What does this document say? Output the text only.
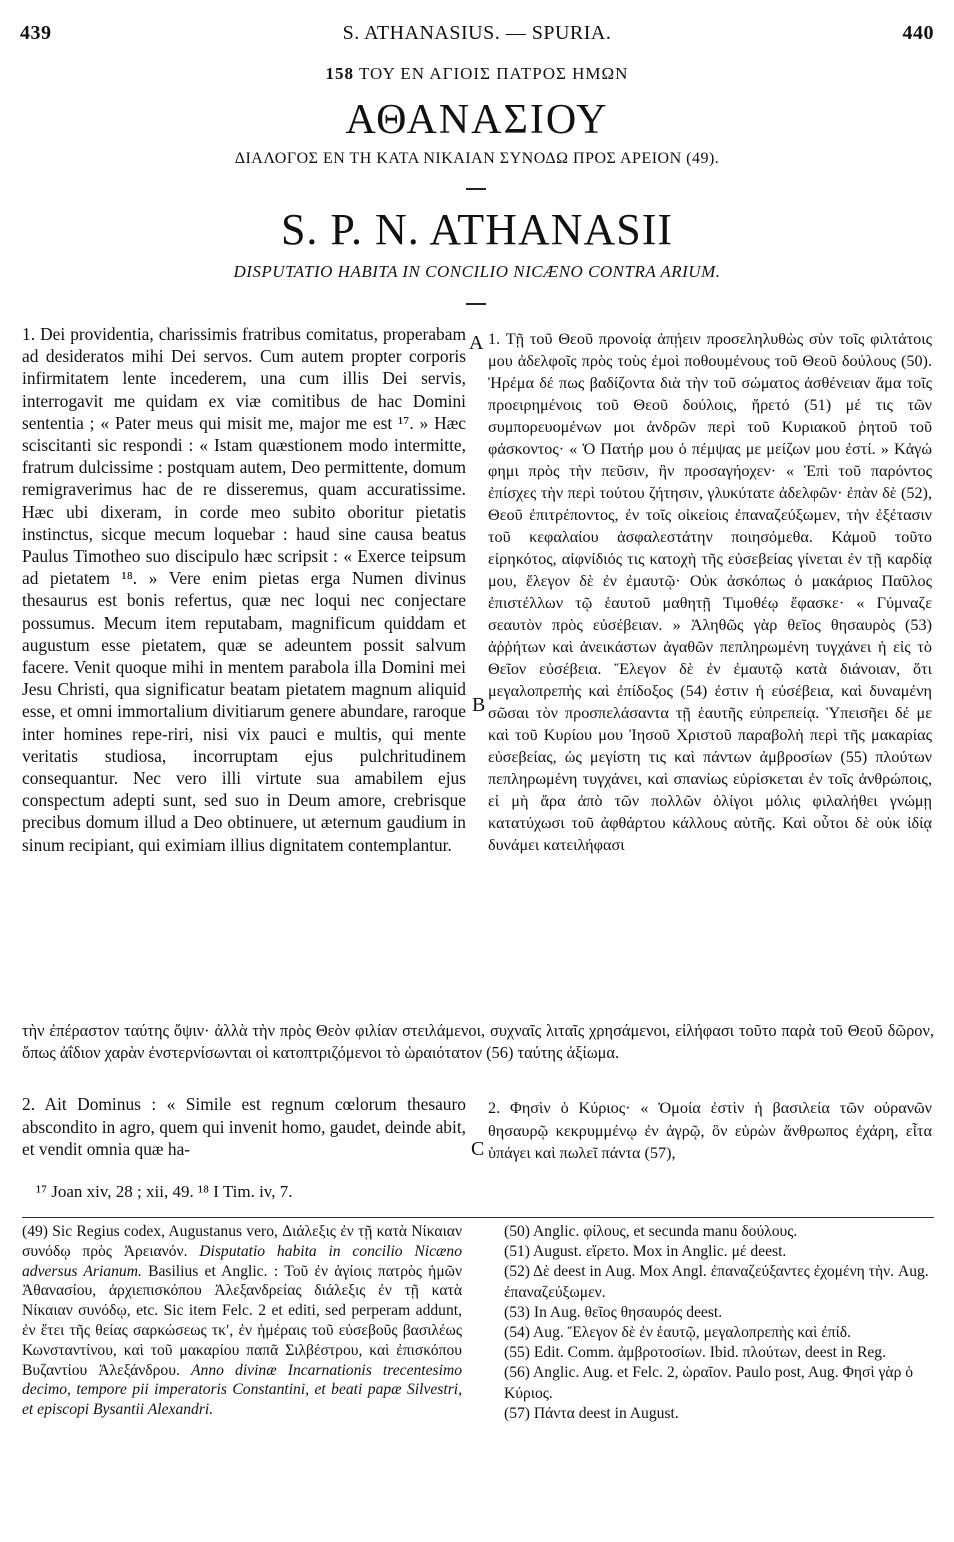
439	S. ATHANASIUS. — SPURIA.	440
158 ΤΟΥ ΕΝ ΑΓΙΟΙΣ ΠΑΤΡΟΣ ΗΜΩΝ
ΑΘΑΝΑΣΙΟΥ
ΔΙΑΛΟΓΟΣ ΕΝ ΤΗ ΚΑΤΑ ΝΙΚΑΙΑΝ ΣΥΝΟΔΩ ΠΡΟΣ ΑΡΕΙΟΝ (49).
S. P. N. ATHANASII
DISPUTATIO HABITA IN CONCILIO NICÆNO CONTRA ARIUM.

1. Dei providentia, charissimis fratribus comitatus, properabam ad desideratos mihi Dei servos. Cum autem propter corporis infirmitatem lente incederem, una cum illis Dei servis, interrogavit me quidam ex viæ comitibus de hac Domini sententia ; « Pater meus qui misit me, major me est ¹⁷. » Hæc sciscitanti sic respondi : « Istam quæstionem modo intermitte, fratrum dulcissime : postquam autem, Deo permittente, domum remigraverimus hac de re disseremus, quam accuratissime. Hæc ubi dixeram, in corde meo subito oboritur pietatis instinctus, sicque mecum loquebar : haud sine causa beatus Paulus Timotheo suo discipulo hæc scripsit : « Exerce teipsum ad pietatem ¹⁸. » Vere enim pietas erga Numen divinus thesaurus est bonis refertus, quæ nec loqui nec conjectare possumus. Mecum item reputabam, magnificum quiddam et augustum esse pietatem, quæ se adeuntem possit salvum facere. Venit quoque mihi in mentem parabola illa Domini mei Jesu Christi, qua significatur beatam pietatem magnum aliquid esse, et omni immortalium divitiarum genere abundare, raroque inter homines repe-riri, nisi vix pauci e multis, qui mente veritatis studiosa, incorruptam ejus pulchritudinem consequantur. Nec vero illi virtute sua amabilem ejus conspectum adepti sunt, sed suo in Deum amore, crebrisque precibus domum illud a Deo obtinuere, ut æternum gaudium in sinum recipiant, qui eximiam illius dignitatem contemplantur.

A
B
C

1. Τῇ τοῦ Θεοῦ προνοίᾳ ἀπῄειν προσεληλυθὼς σὺν τοῖς φιλτάτοις μου ἀδελφοῖς πρὸς τοὺς ἐμοὶ ποθουμένους τοῦ Θεοῦ δούλους (50). Ἠρέμα δέ πως βαδίζοντα διὰ τὴν τοῦ σώματος ἀσθένειαν ἅμα τοῖς προειρημένοις τοῦ Θεοῦ δούλοις, ἤρετό (51) μέ τις τῶν συμπορευομένων μοι ἀνδρῶν περὶ τοῦ Κυριακοῦ ῥητοῦ τοῦ φάσκοντος· « Ὁ Πατήρ μου ὁ πέμψας με μείζων μου ἐστί. » Κἀγώ φημι πρὸς τὴν πεῦσιν, ἣν προσαγήοχεν· « Ἐπὶ τοῦ παρόντος ἐπίσχες τὴν περὶ τούτου ζήτησιν, γλυκύτατε ἀδελφῶν· ἐπὰν δὲ (52), Θεοῦ ἐπιτρέποντος, ἐν τοῖς οἰκείοις ἐπαναζεύξωμεν, τὴν ἐξέτασιν τοῦ κεφαλαίου ἀσφαλεστάτην ποιησόμεθα. Κἀμοῦ τοῦτο εἰρηκότος, αἰφνίδιός τις κατοχὴ τῆς εὐσεβείας γίνεται ἐν τῇ καρδίᾳ μου, ἔλεγον δὲ ἐν ἐμαυτῷ· Οὐκ ἀσκόπως ὁ μακάριος Παῦλος ἐπιστέλλων τῷ ἑαυτοῦ μαθητῇ Τιμοθέῳ ἔφασκε· « Γύμναζε σεαυτὸν πρὸς εὐσέβειαν. » Ἀληθῶς γὰρ θεῖος θησαυρὸς (53) ἀῤῥήτων καὶ ἀνεικάστων ἀγαθῶν πεπληρωμένη τυγχάνει ἡ εἰς τὸ Θεῖον εὐσέβεια. Ἔλεγον δὲ ἐν ἐμαυτῷ κατὰ διάνοιαν, ὅτι μεγαλοπρεπὴς καὶ ἐπίδοξος (54) ἐστιν ἡ εὐσέβεια, καὶ δυναμένη σῶσαι τὸν προσπελάσαντα τῇ ἑαυτῆς εὐπρεπείᾳ. Ὑπεισῆει δέ με καὶ τοῦ Κυρίου μου Ἰησοῦ Χριστοῦ παραβολὴ περὶ τῆς μακαρίας εὐσεβείας, ὡς μεγίστη τις καὶ πάντων ἀμβροσίων (55) πλούτων πεπληρωμένη τυγχάνει, καὶ σπανίως εὑρίσκεται ἐν τοῖς ἀνθρώποις, εἰ μὴ ἄρα ἀπὸ τῶν πολλῶν ὀλίγοι μόλις φιλαλήθει γνώμῃ κατατύχωσι τοῦ ἀφθάρτου κάλλους αὐτῆς. Καὶ οὗτοι δὲ οὐκ ἰδίᾳ δυνάμει κατειλήφασι

τὴν ἐπέραστον ταύτης ὄψιν· ἀλλὰ τὴν πρὸς Θεὸν φιλίαν στειλάμενοι, συχναῖς λιταῖς χρησάμενοι, εἰλήφασι τοῦτο παρὰ τοῦ Θεοῦ δῶρον, ὅπως ἀΐδιον χαρὰν ἐνστερνίσωνται οἱ κατοπτριζόμενοι τὸ ὡραιότατον (56) ταύτης ἀξίωμα.
2. Ait Dominus : « Simile est regnum cœlorum thesauro abscondito in agro, quem qui invenit homo, gaudet, deinde abit, et vendit omnia quæ ha-
2. Φησὶν ὁ Κύριος· « Ὁμοία ἐστὶν ἡ βασιλεία τῶν οὐρανῶν θησαυρῷ κεκρυμμένῳ ἐν ἀγρῷ, ὃν εὑρὼν ἄνθρωπος ἐχάρη, εἶτα ὑπάγει καὶ πωλεῖ πάντα (57),
¹⁷ Joan xiv, 28 ; xii, 49. ¹⁸ I Tim. iv, 7.
(49) Sic Regius codex, Augustanus vero, Διάλεξις ἐν τῇ κατὰ Νίκαιαν συνόδῳ πρὸς Ἀρειανόν. Disputatio habita in concilio Nicæno adversus Arianum. Basilius et Anglic. : Τοῦ ἐν ἁγίοις πατρὸς ἡμῶν Ἀθανασίου, ἀρχιεπισκόπου Ἀλεξανδρείας διάλεξις ἐν τῇ κατὰ Νίκαιαν συνόδῳ, etc. Sic item Felc. 2 et editi, sed perperam addunt, ἐν ἔτει τῆς θείας σαρκώσεως τκʹ, ἐν ἡμέραις τοῦ εὐσεβοῦς βασιλέως Κωνσταντίνου, καὶ τοῦ μακαρίου παπᾶ Σιλβέστρου, καὶ ἐπισκόπου Βυζαντίου Ἀλεξάνδρου. Anno divinæ Incarnationis trecentesimo decimo, tempore pii imperatoris Constantini, et beati papæ Silvestri, et episcopi Bysantii Alexandri.

(50) Anglic. φίλους, et secunda manu δούλους.

(51) August. εἴρετο. Mox in Anglic. μέ deest.

(52) Δὲ deest in Aug. Mox Angl. ἐπαναζεύξαντες ἐχομένη τὴν. Aug. ἐπαναζεύξωμεν.

(53) In Aug. θεῖος θησαυρός deest.

(54) Aug. Ἔλεγον δὲ ἐν ἑαυτῷ, μεγαλοπρεπὴς καὶ ἐπίδ.

(55) Edit. Comm. ἀμβροτοσίων. Ibid. πλούτων, deest in Reg.

(56) Anglic. Aug. et Felc. 2, ὡραῖον. Paulo post, Aug. Φησὶ γὰρ ὁ Κύριος.

(57) Πάντα deest in August.
